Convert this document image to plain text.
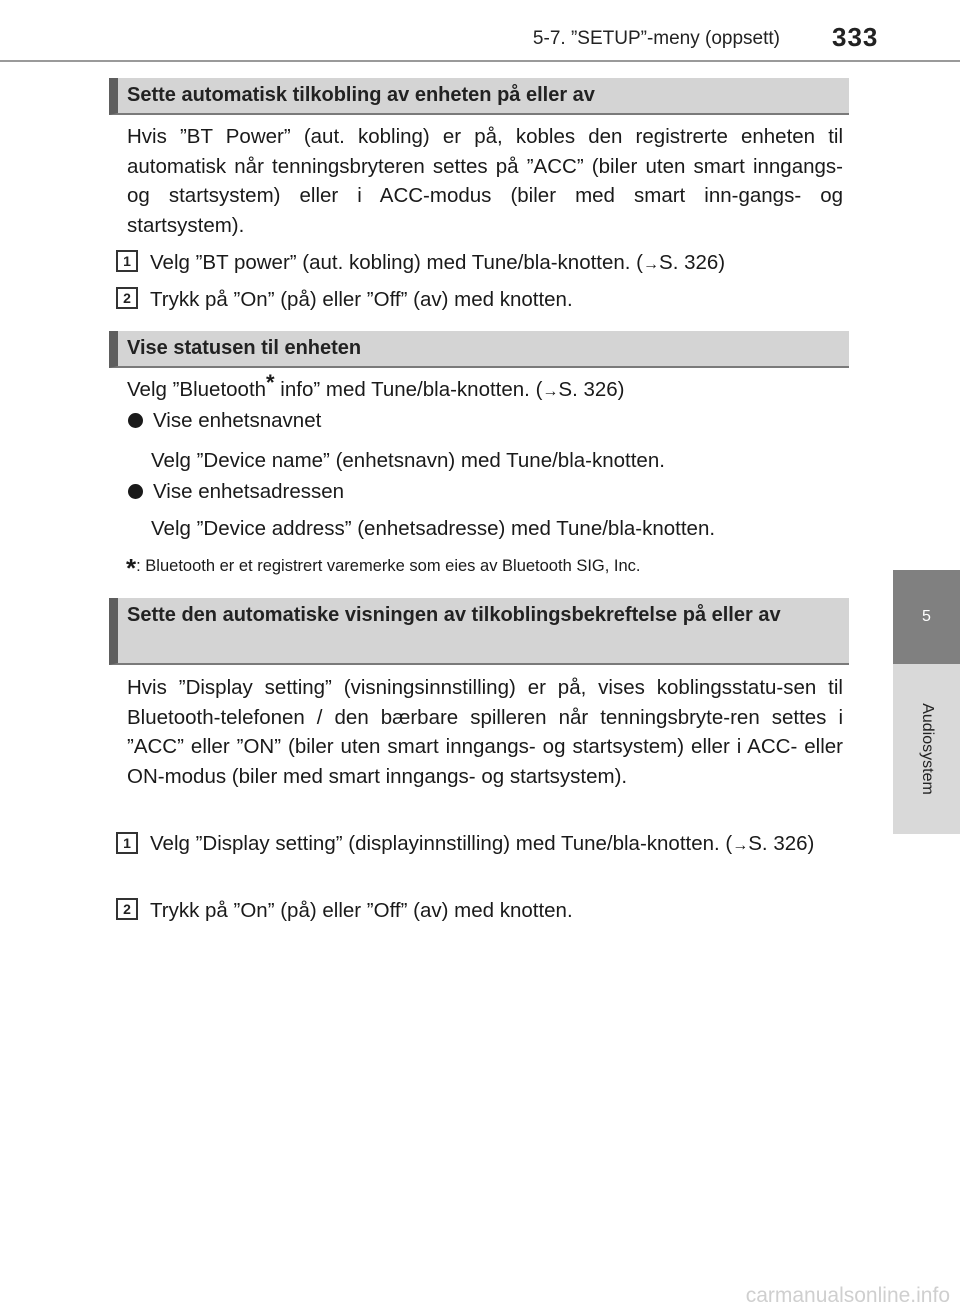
5-7. ”SETUP”-meny (oppsett) 333
5
Audiosystem
Sette automatisk tilkobling av enheten på eller av

Hvis ”BT Power” (aut. kobling) er på, kobles den registrerte enheten til automatisk når tenningsbryteren settes på ”ACC” (biler uten smart inngangs- og startsystem) eller i ACC-modus (biler med smart inn-gangs- og startsystem).

1 Velg ”BT power” (aut. kobling) med Tune/bla-knotten. (→S. 326)

2 Trykk på ”On” (på) eller ”Off” (av) med knotten.

Vise statusen til enheten

Velg ”Bluetooth* info” med Tune/bla-knotten. (→S. 326)

Vise enhetsnavnet
Velg ”Device name” (enhetsnavn) med Tune/bla-knotten.
Vise enhetsadressen
Velg ”Device address” (enhetsadresse) med Tune/bla-knotten.
*: Bluetooth er et registrert varemerke som eies av Bluetooth SIG, Inc.
Sette den automatiske visningen av tilkoblingsbekreftelse på eller av

Hvis ”Display setting” (visningsinnstilling) er på, vises koblingsstatu-sen til Bluetooth-telefonen / den bærbare spilleren når tenningsbryte-ren settes i ”ACC” eller ”ON” (biler uten smart inngangs- og startsystem) eller i ACC- eller ON-modus (biler med smart inngangs- og startsystem).

1 Velg ”Display setting” (displayinnstilling) med Tune/bla-knotten. (→S. 326)

2 Trykk på ”On” (på) eller ”Off” (av) med knotten.

carmanualsonline.info
